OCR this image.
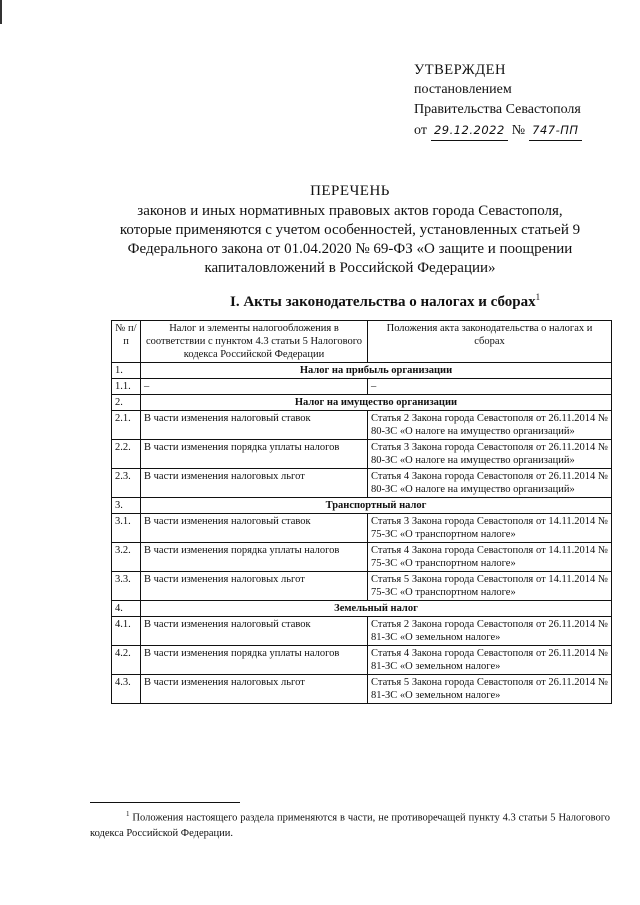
УТВЕРЖДЕН
постановлением
Правительства Севастополя
от 29.12.2022 № 747-ПП
ПЕРЕЧЕНЬ
законов и иных нормативных правовых актов города Севастополя,
которые применяются с учетом особенностей, установленных статьей 9
Федерального закона от 01.04.2020 № 69-ФЗ «О защите и поощрении
капиталовложений в Российской Федерации»
I. Акты законодательства о налогах и сборах$^1$
№ п/п	Налог и элементы налогообложения в соответствии с пунктом 4.3 статьи 5 Налогового кодекса Российской Федерации	Положения акта законодательства о налогах и сборах
1.	Налог на прибыль организации	
1.1.	–	–
2.	Налог на имущество организации	
2.1.	В части изменения налоговый ставок	Статья 2 Закона города Севастополя от 26.11.2014 № 80-ЗС «О налоге на имущество организаций»
2.2.	В части изменения порядка уплаты налогов	Статья 3 Закона города Севастополя от 26.11.2014 № 80-ЗС «О налоге на имущество организаций»
2.3.	В части изменения налоговых льгот	Статья 4 Закона города Севастополя от 26.11.2014 № 80-ЗС «О налоге на имущество организаций»
3.	Транспортный налог	
3.1.	В части изменения налоговый ставок	Статья 3 Закона города Севастополя от 14.11.2014 № 75-ЗС «О транспортном налоге»
3.2.	В части изменения порядка уплаты налогов	Статья 4 Закона города Севастополя от 14.11.2014 № 75-ЗС «О транспортном налоге»
3.3.	В части изменения налоговых льгот	Статья 5 Закона города Севастополя от 14.11.2014 № 75-ЗС «О транспортном налоге»
4.	Земельный налог	
4.1.	В части изменения налоговый ставок	Статья 2 Закона города Севастополя от 26.11.2014 № 81-ЗС «О земельном налоге»
4.2.	В части изменения порядка уплаты налогов	Статья 4 Закона города Севастополя от 26.11.2014 № 81-ЗС «О земельном налоге»
4.3.	В части изменения налоговых льгот	Статья 5 Закона города Севастополя от 26.11.2014 № 81-ЗС «О земельном налоге»
$^1$ Положения настоящего раздела применяются в части, не противоречащей пункту 4.3 статьи 5 Налогового кодекса Российской Федерации.
